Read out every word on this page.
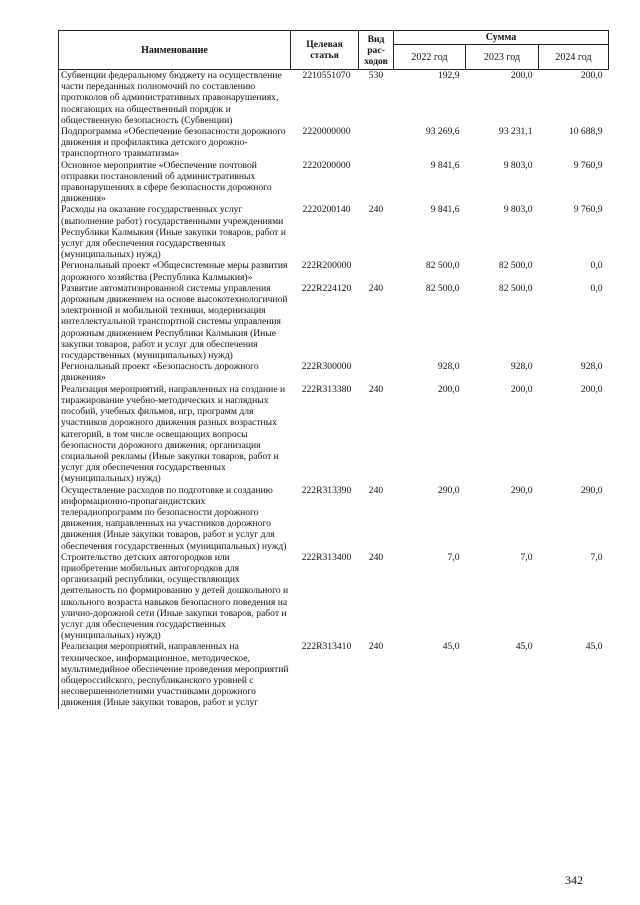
Наименование	Целевая статья	Вид рас-ходов	Сумма		
			2022 год	2023 год	2024 год
Субвенции федеральному бюджету на осуществление части переданных полномочий по составлению протоколов об административных правонарушениях, посягающих на общественный порядок и общественную безопасность (Субвенции)	2210551070	530	192,9	200,0	200,0
Подпрограмма «Обеспечение безопасности дорожного движения и профилактика детского дорожно-транспортного травматизма»	2220000000		93 269,6	93 231,1	10 688,9
Основное мероприятие «Обеспечение почтовой отправки постановлений об административных правонарушениях в сфере безопасности дорожного движения»	2220200000		9 841,6	9 803,0	9 760,9
Расходы на оказание государственных услуг (выполнение работ) государственными учреждениями Республики Калмыкия (Иные закупки товаров, работ и услуг для обеспечения государственных (муниципальных) нужд)	2220200140	240	9 841,6	9 803,0	9 760,9
Региональный проект «Общесистемные меры развития дорожного хозяйства (Республика Калмыкия)»	222R200000		82 500,0	82 500,0	0,0
Развитие автоматизированной системы управления дорожным движением на основе высокотехнологичной электронной и мобильной техники, модернизация интеллектуальной транспортной системы управления дорожным движением Республики Калмыкия (Иные закупки товаров, работ и услуг для обеспечения государственных (муниципальных) нужд)	222R224120	240	82 500,0	82 500,0	0,0
Региональный проект «Безопасность дорожного движения»	222R300000		928,0	928,0	928,0
Реализация мероприятий, направленных на создание и тиражирование учебно-методических и наглядных пособий, учебных фильмов, игр, программ для участников дорожного движения разных возрастных категорий, в том числе освещающих вопросы безопасности дорожного движения, организация социальной рекламы (Иные закупки товаров, работ и услуг для обеспечения государственных (муниципальных) нужд)	222R313380	240	200,0	200,0	200,0
Осуществление расходов по подготовке и созданию информационно-пропагандистских телерадиопрограмм по безопасности дорожного движения, направленных на участников дорожного движения (Иные закупки товаров, работ и услуг для обеспечения государственных (муниципальных) нужд)	222R313390	240	290,0	290,0	290,0
Строительство детских автогородков или приобретение мобильных автогородков для организаций республики, осуществляющих деятельность по формированию у детей дошкольного и школьного возраста навыков безопасного поведения на улично-дорожной сети (Иные закупки товаров, работ и услуг для обеспечения государственных (муниципальных) нужд)	222R313400	240	7,0	7,0	7,0
Реализация мероприятий, направленных на техническое, информационное, методическое, мультимедийное обеспечение проведения мероприятий общероссийского, республиканского уровней с несовершеннолетними участниками дорожного движения (Иные закупки товаров, работ и услуг	222R313410	240	45,0	45,0	45,0
342
